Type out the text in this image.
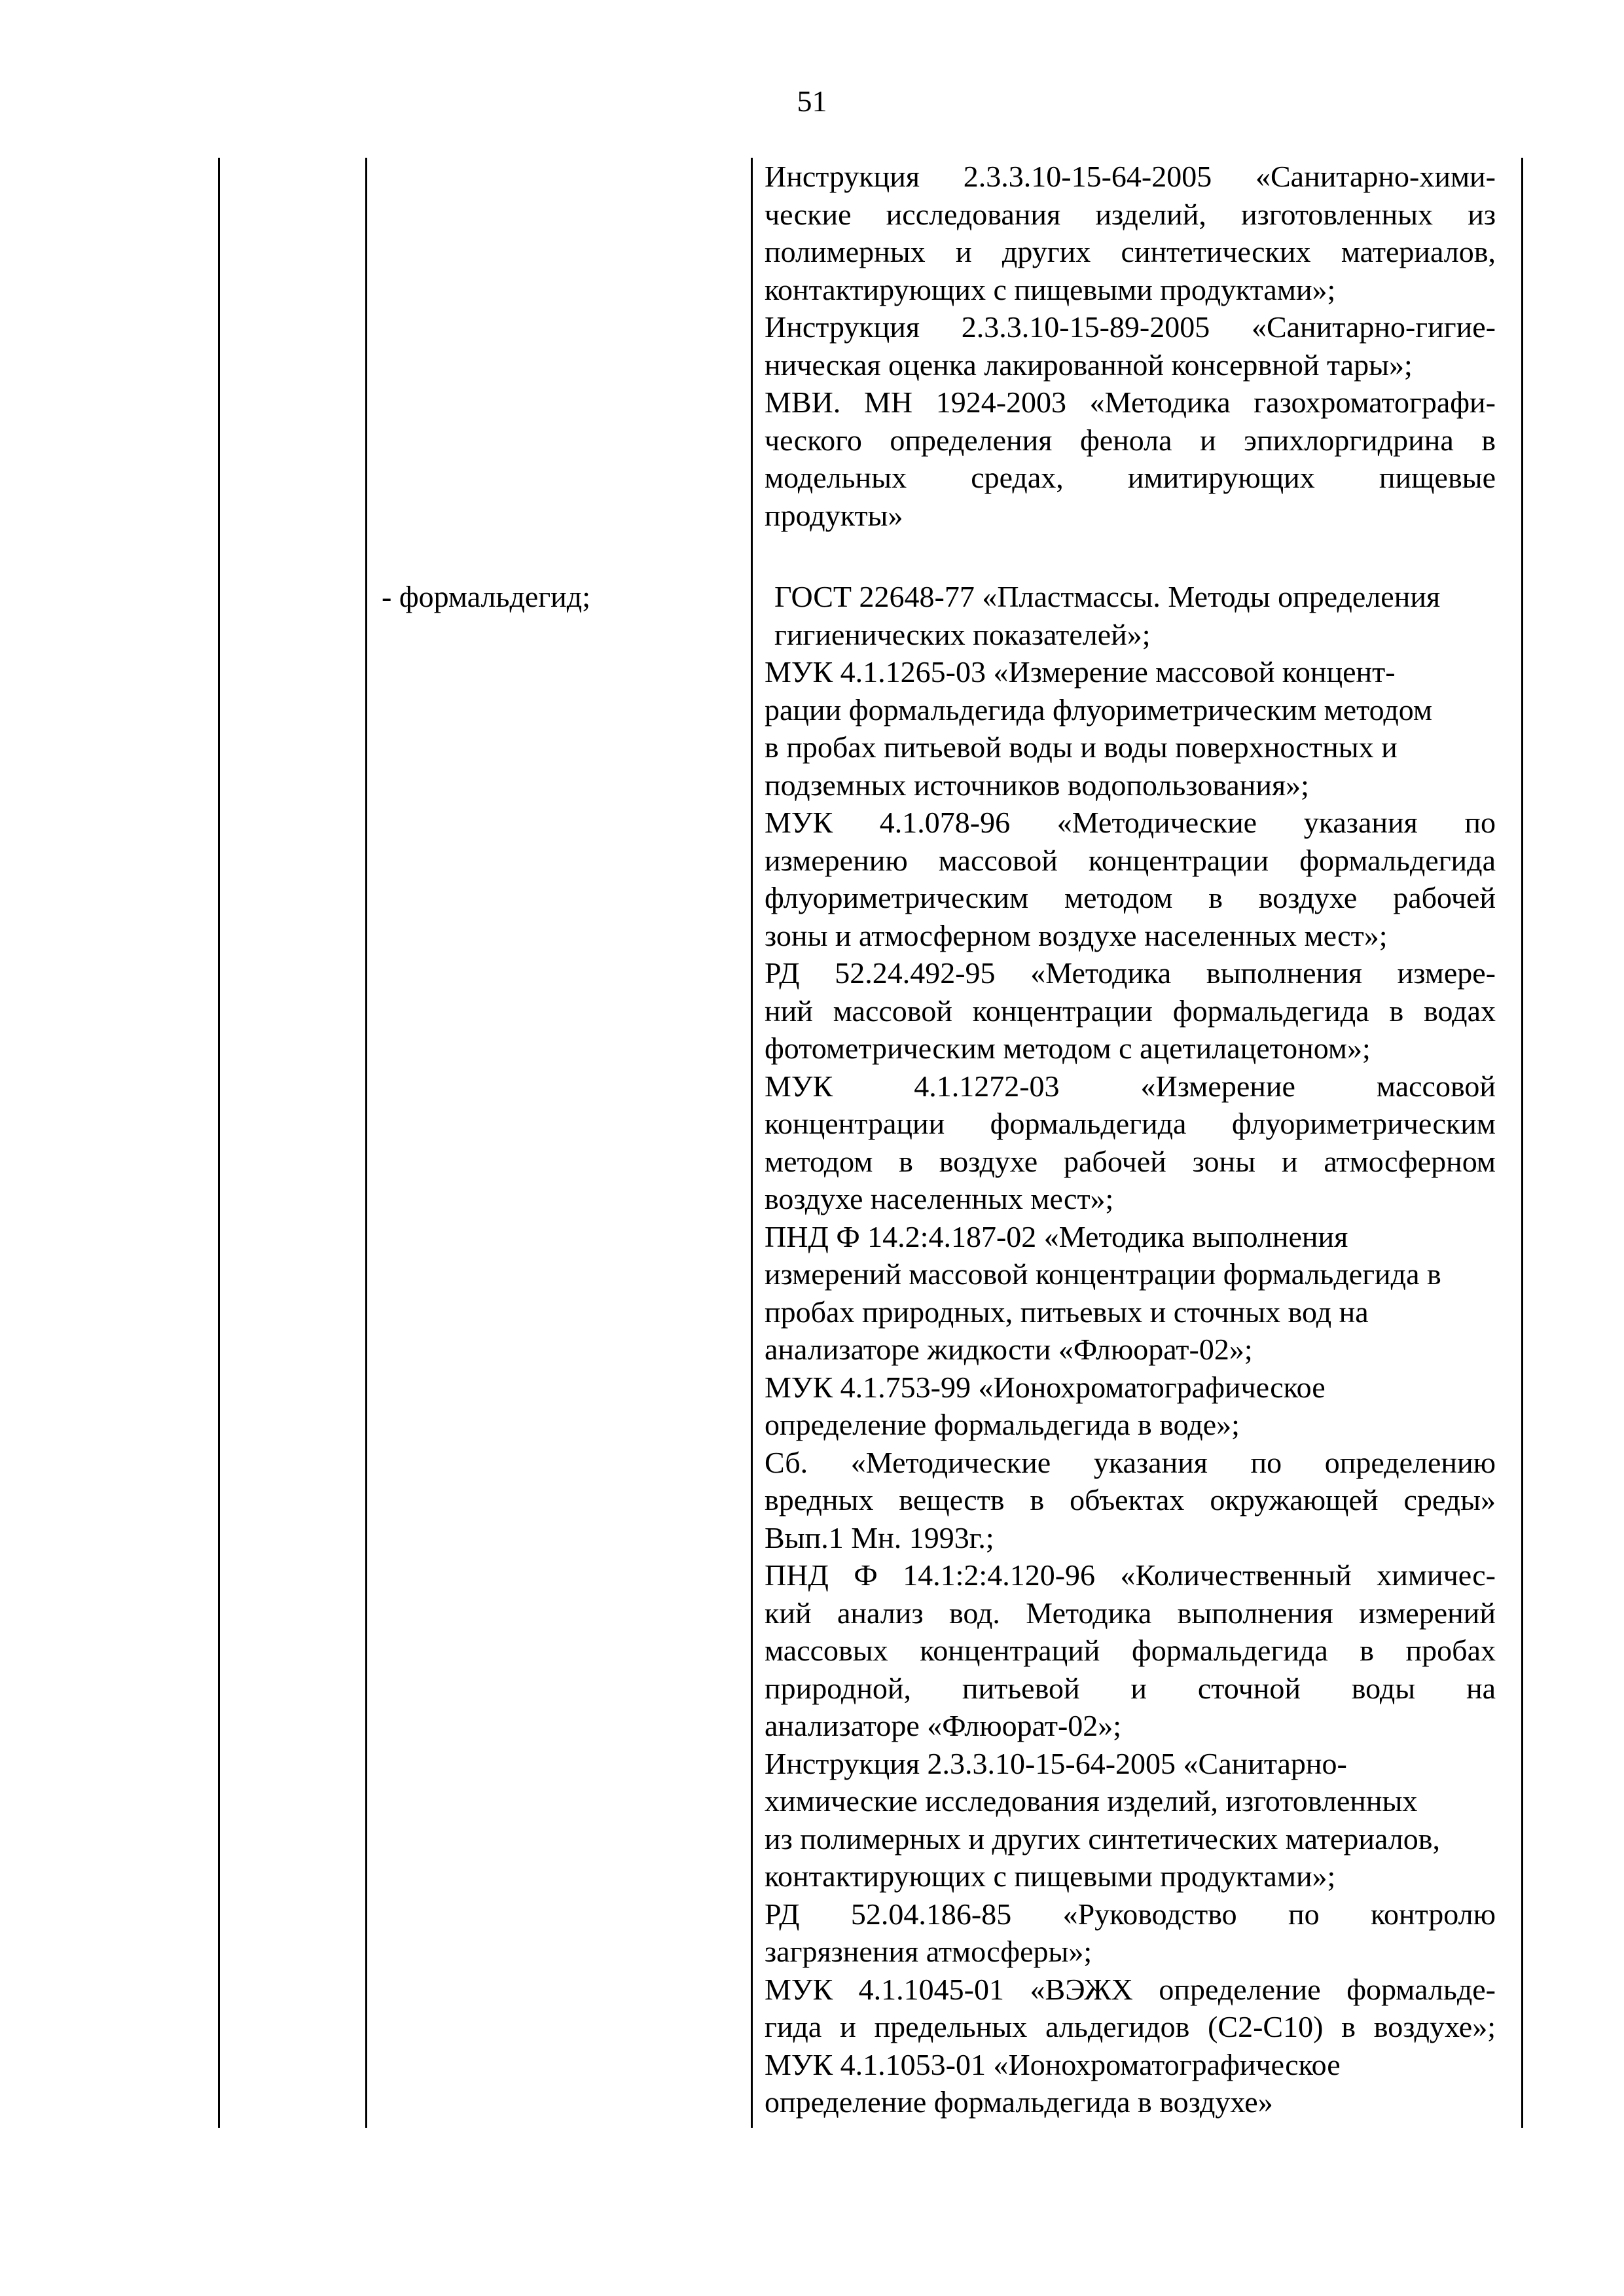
51
- формальдегид;
Инструкция 2.3.3.10-15-64-2005 «Санитарно-хими-
ческие исследования изделий, изготовленных из
полимерных и других синтетических материалов,
контактирующих с пищевыми продуктами»;
Инструкция 2.3.3.10-15-89-2005 «Санитарно-гигие-
ническая оценка лакированной консервной тары»;
МВИ. МН 1924-2003 «Методика газохроматографи-
ческого определения фенола и эпихлоргидрина в
модельных средах, имитирующих пищевые
продукты»
ГОСТ 22648-77 «Пластмассы. Методы определения
гигиенических показателей»;
МУК 4.1.1265-03 «Измерение массовой концент-
рации формальдегида флуориметрическим методом
в пробах питьевой воды и воды поверхностных и
подземных источников водопользования»;
МУК 4.1.078-96 «Методические указания по
измерению массовой концентрации формальдегида
флуориметрическим методом в воздухе рабочей
зоны и атмосферном воздухе населенных мест»;
РД 52.24.492-95 «Методика выполнения измере-
ний массовой концентрации формальдегида в водах
фотометрическим методом с ацетилацетоном»;
МУК 4.1.1272-03 «Измерение массовой
концентрации формальдегида флуориметрическим
методом в воздухе рабочей зоны и атмосферном
воздухе населенных мест»;
ПНД Ф 14.2:4.187-02 «Методика выполнения
измерений массовой концентрации формальдегида в
пробах природных, питьевых и сточных вод на
анализаторе жидкости «Флюорат-02»;
МУК 4.1.753-99 «Ионохроматографическое
определение формальдегида в воде»;
Сб. «Методические указания по определению
вредных веществ в объектах окружающей среды»
Вып.1 Мн. 1993г.;
ПНД Ф 14.1:2:4.120-96 «Количественный химичес-
кий анализ вод. Методика выполнения измерений
массовых концентраций формальдегида в пробах
природной, питьевой и сточной воды на
анализаторе «Флюорат-02»;
Инструкция 2.3.3.10-15-64-2005 «Санитарно-
химические исследования изделий, изготовленных
из полимерных и других синтетических материалов,
контактирующих с пищевыми продуктами»;
РД 52.04.186-85 «Руководство по контролю
загрязнения атмосферы»;
МУК 4.1.1045-01 «ВЭЖХ определение формальде-
гида и предельных альдегидов (С2-С10) в воздухе»;
МУК 4.1.1053-01 «Ионохроматографическое
определение формальдегида в воздухе»
